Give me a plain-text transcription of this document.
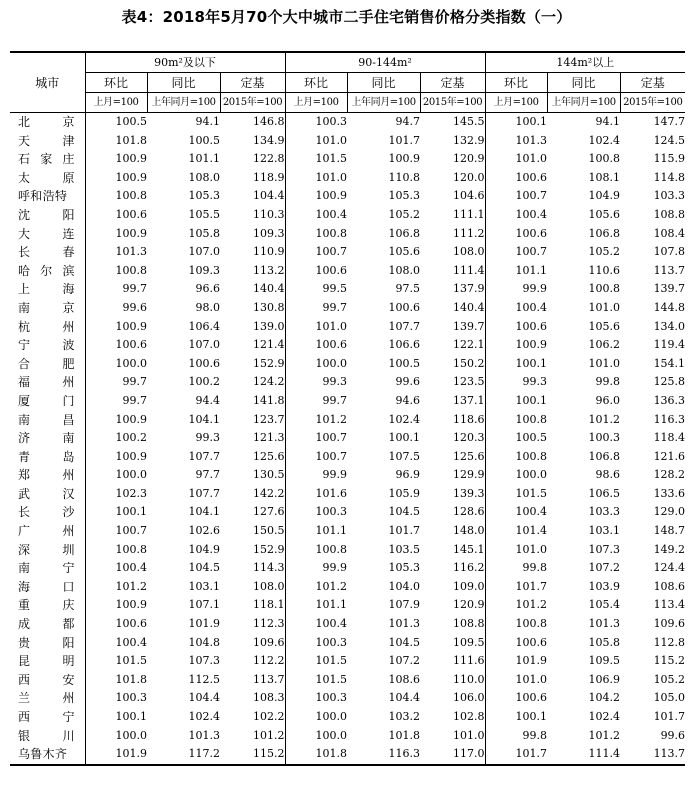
表4：2018年5月70个大中城市二手住宅销售价格分类指数（一）
城市	90m²及以下			90-144m²			144m²以上		
	环比	同比	定基	环比	同比	定基	环比	同比	定基
	上月=100	上年同月=100	2015年=100	上月=100	上年同月=100	2015年=100	上月=100	上年同月=100	2015年=100
北京	100.5	94.1	146.8	100.3	94.7	145.5	100.1	94.1	147.7
天津	101.8	100.5	134.9	101.0	101.7	132.9	101.3	102.4	124.5
石家庄	100.9	101.1	122.8	101.5	100.9	120.9	101.0	100.8	115.9
太原	100.9	108.0	118.9	101.0	110.8	120.0	100.6	108.1	114.8
呼和浩特	100.8	105.3	104.4	100.9	105.3	104.6	100.7	104.9	103.3
沈阳	100.6	105.5	110.3	100.4	105.2	111.1	100.4	105.6	108.8
大连	100.9	105.8	109.3	100.8	106.8	111.2	100.6	106.8	108.4
长春	101.3	107.0	110.9	100.7	105.6	108.0	100.7	105.2	107.8
哈尔滨	100.8	109.3	113.2	100.6	108.0	111.4	101.1	110.6	113.7
上海	99.7	96.6	140.4	99.5	97.5	137.9	99.9	100.8	139.7
南京	99.6	98.0	130.8	99.7	100.6	140.4	100.4	101.0	144.8
杭州	100.9	106.4	139.0	101.0	107.7	139.7	100.6	105.6	134.0
宁波	100.6	107.0	121.4	100.6	106.6	122.1	100.9	106.2	119.4
合肥	100.0	100.6	152.9	100.0	100.5	150.2	100.1	101.0	154.1
福州	99.7	100.2	124.2	99.3	99.6	123.5	99.3	99.8	125.8
厦门	99.7	94.4	141.8	99.7	94.6	137.1	100.1	96.0	136.3
南昌	100.9	104.1	123.7	101.2	102.4	118.6	100.8	101.2	116.3
济南	100.2	99.3	121.3	100.7	100.1	120.3	100.5	100.3	118.4
青岛	100.9	107.7	125.6	100.7	107.5	125.6	100.8	106.8	121.6
郑州	100.0	97.7	130.5	99.9	96.9	129.9	100.0	98.6	128.2
武汉	102.3	107.7	142.2	101.6	105.9	139.3	101.5	106.5	133.6
长沙	100.1	104.1	127.6	100.3	104.5	128.6	100.4	103.3	129.0
广州	100.7	102.6	150.5	101.1	101.7	148.0	101.4	103.1	148.7
深圳	100.8	104.9	152.9	100.8	103.5	145.1	101.0	107.3	149.2
南宁	100.4	104.5	114.3	99.9	105.3	116.2	99.8	107.2	124.4
海口	101.2	103.1	108.0	101.2	104.0	109.0	101.7	103.9	108.6
重庆	100.9	107.1	118.1	101.1	107.9	120.9	101.2	105.4	113.4
成都	100.6	101.9	112.3	100.4	101.3	108.8	100.8	101.3	109.6
贵阳	100.4	104.8	109.6	100.3	104.5	109.5	100.6	105.8	112.8
昆明	101.5	107.3	112.2	101.5	107.2	111.6	101.9	109.5	115.2
西安	101.8	112.5	113.7	101.5	108.6	110.0	101.0	106.9	105.2
兰州	100.3	104.4	108.3	100.3	104.4	106.0	100.6	104.2	105.0
西宁	100.1	102.4	102.2	100.0	103.2	102.8	100.1	102.4	101.7
银川	100.0	101.3	101.2	100.0	101.8	101.0	99.8	101.2	99.6
乌鲁木齐	101.9	117.2	115.2	101.8	116.3	117.0	101.7	111.4	113.7
